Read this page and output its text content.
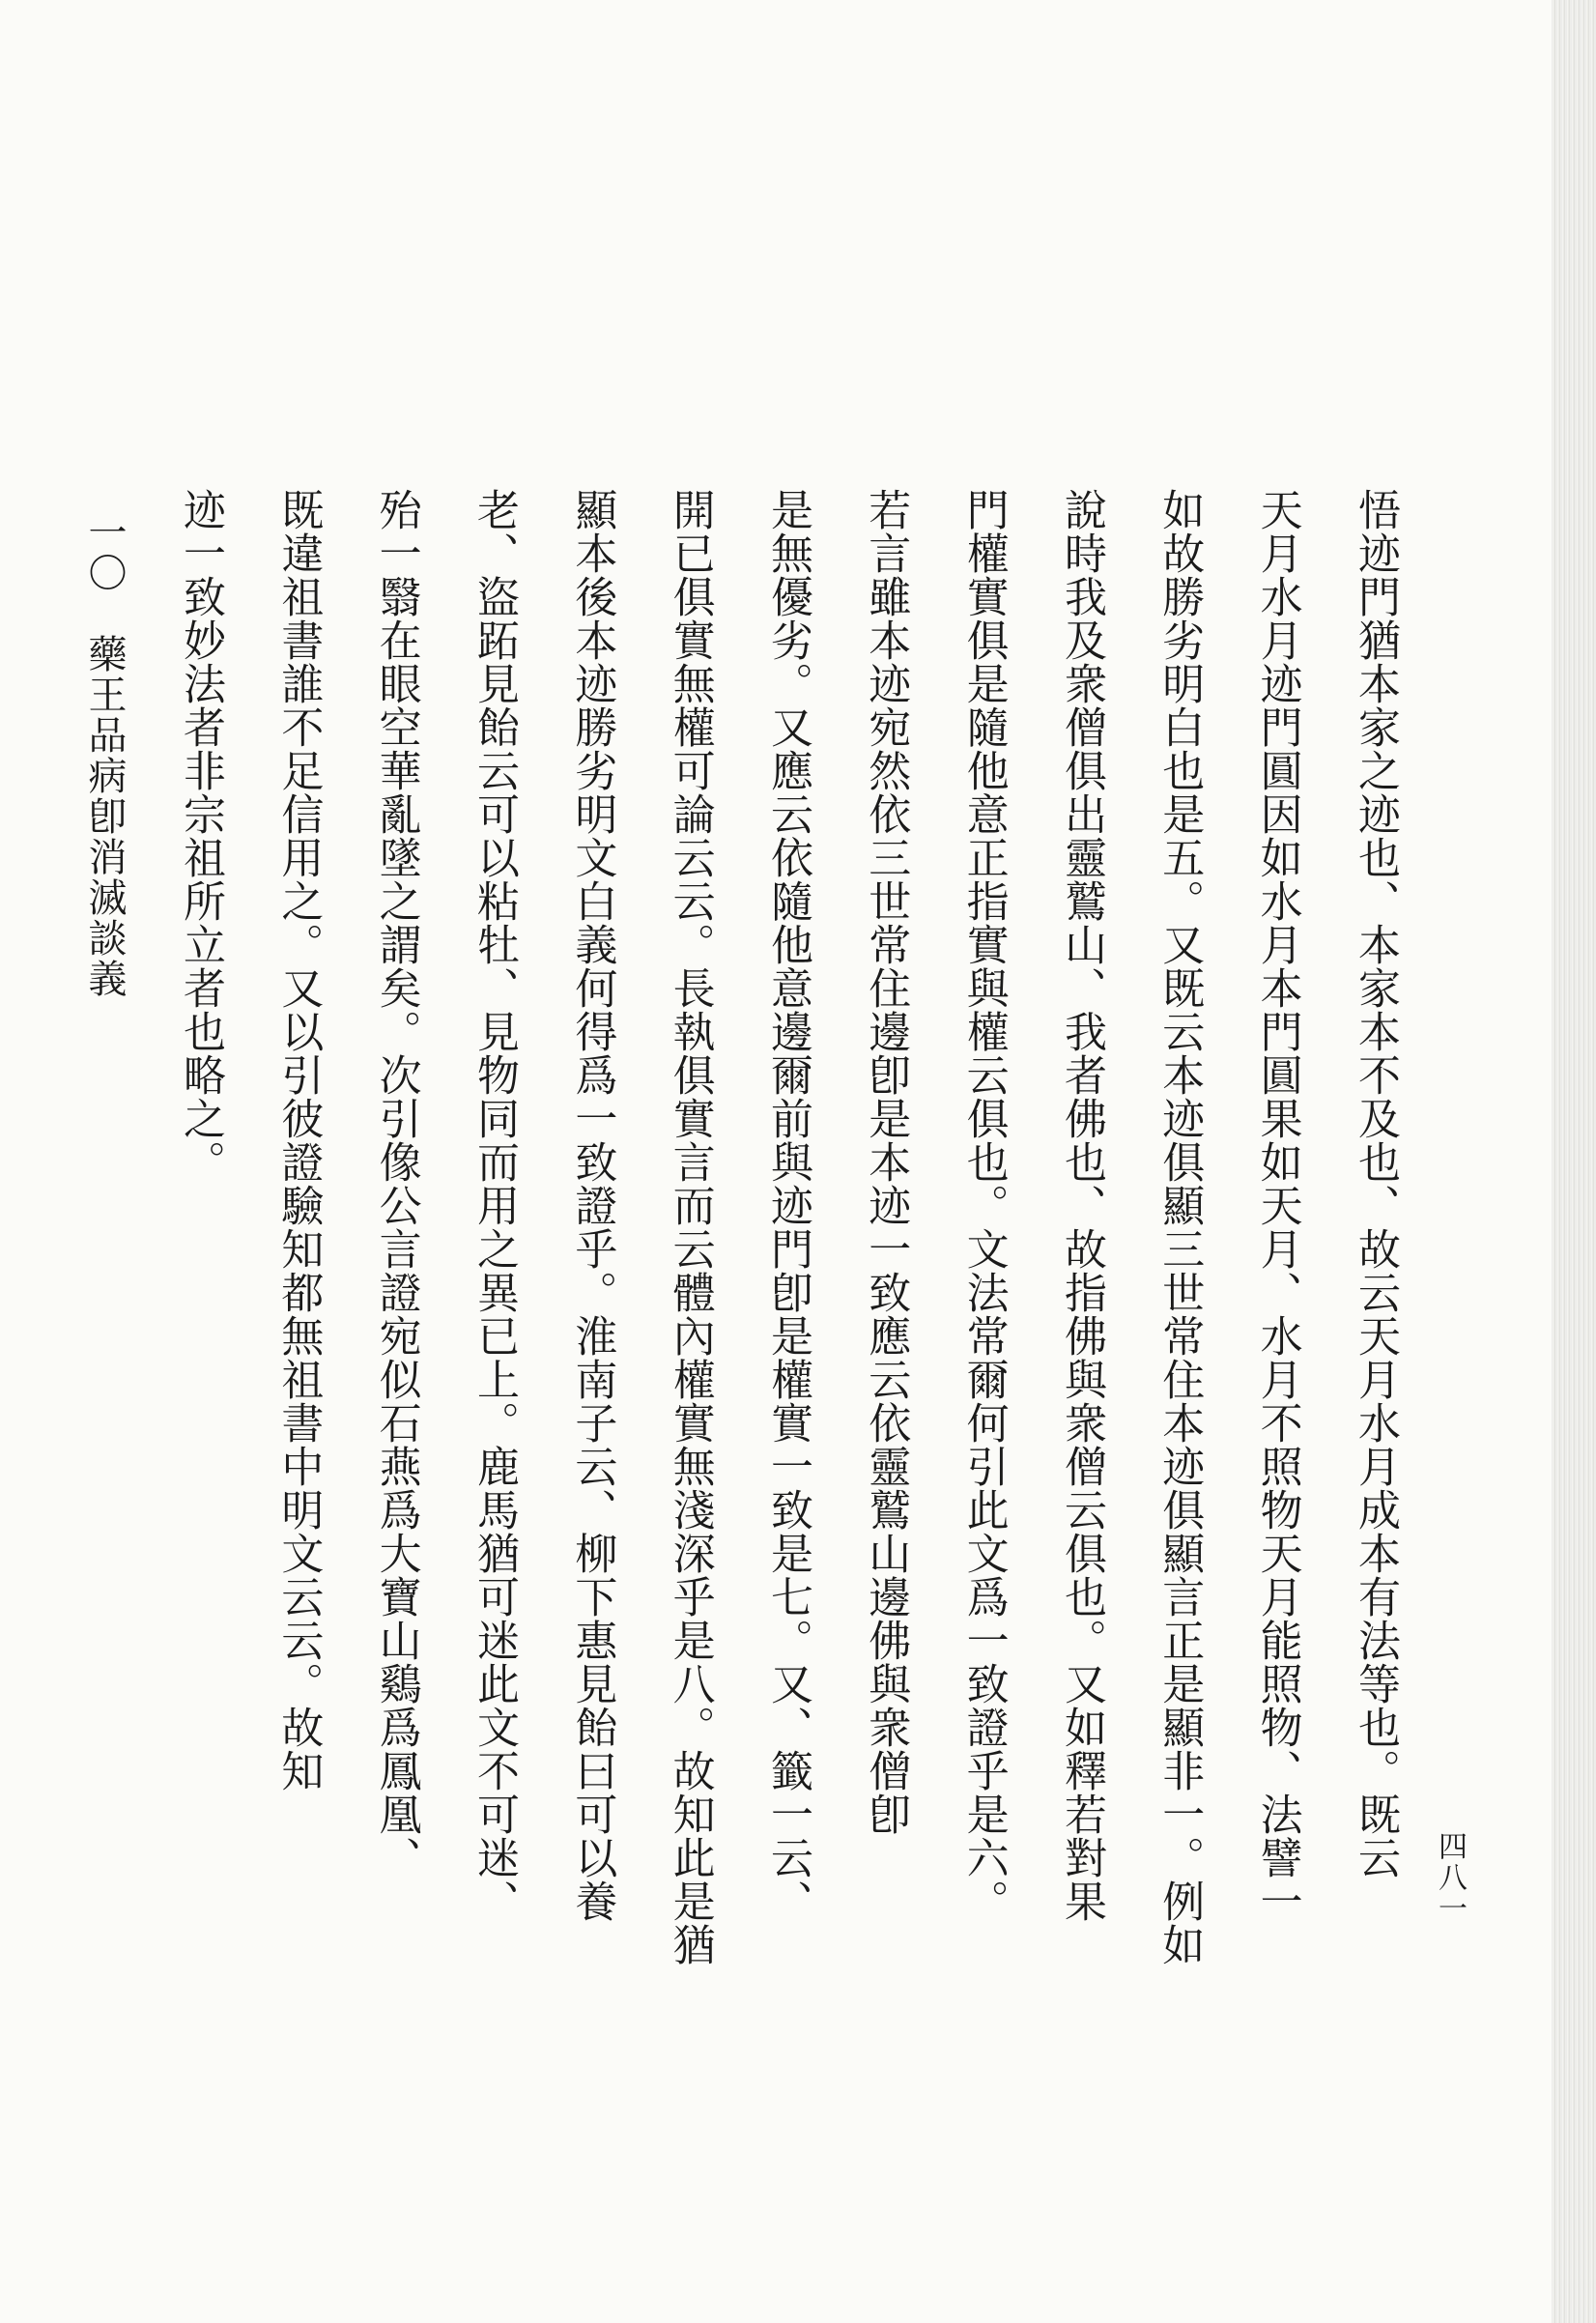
四八一
悟迹門猶本家之迹也、本家本不及也、故云天月水月成本有法等也。既云
天月水月迹門圓因如水月本門圓果如天月、水月不照物天月能照物、法譬一
如故勝劣明白也是五。又既云本迹俱顯三世常住本迹俱顯言正是顯非一。例如
說時我及衆僧俱出靈鷲山、我者佛也、故指佛與衆僧云俱也。又如釋若對果
門權實俱是隨他意正指實與權云俱也。文法常爾何引此文爲一致證乎是六。
若言雖本迹宛然依三世常住邊卽是本迹一致應云依靈鷲山邊佛與衆僧卽
是無優劣。又應云依隨他意邊爾前與迹門卽是權實一致是七。又、籤一云、
開已俱實無權可論云云。長執俱實言而云體內權實無淺深乎是八。故知此是猶
顯本後本迹勝劣明文白義何得爲一致證乎。淮南子云、柳下惠見飴曰可以養
老、盜跖見飴云可以粘牡、見物同而用之異已上。鹿馬猶可迷此文不可迷、
殆一翳在眼空華亂墜之謂矣。次引像公言證宛似石燕爲大寶山鷄爲鳳凰、
既違祖書誰不足信用之。又以引彼證驗知都無祖書中明文云云。故知
迹一致妙法者非宗祖所立者也略之。
一〇　藥王品病卽消滅談義
